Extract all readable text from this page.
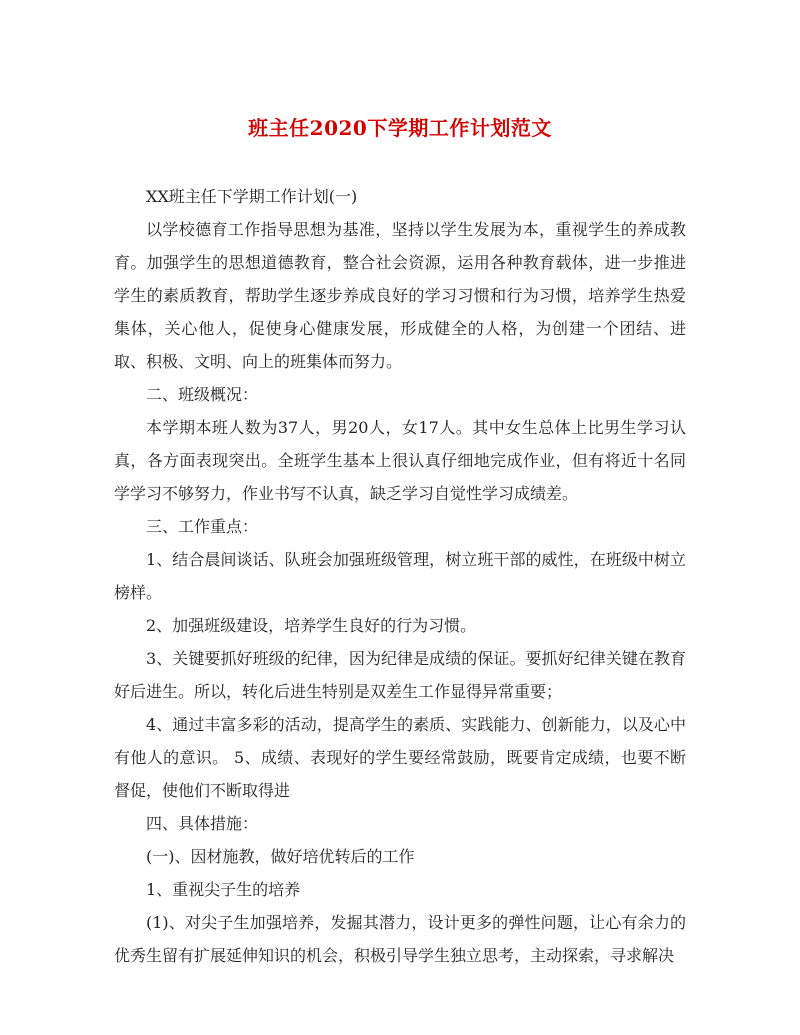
班主任2020下学期工作计划范文

XX班主任下学期工作计划(一)

以学校德育工作指导思想为基准，坚持以学生发展为本，重视学生的养成教育。加强学生的思想道德教育，整合社会资源，运用各种教育载体，进一步推进学生的素质教育，帮助学生逐步养成良好的学习习惯和行为习惯，培养学生热爱集体，关心他人，促使身心健康发展，形成健全的人格，为创建一个团结、进取、积极、文明、向上的班集体而努力。

二、班级概况：

本学期本班人数为37人，男20人，女17人。其中女生总体上比男生学习认真，各方面表现突出。全班学生基本上很认真仔细地完成作业，但有将近十名同学学习不够努力，作业书写不认真，缺乏学习自觉性学习成绩差。

三、工作重点：

1、结合晨间谈话、队班会加强班级管理，树立班干部的威性，在班级中树立榜样。

2、加强班级建设，培养学生良好的行为习惯。

3、关键要抓好班级的纪律，因为纪律是成绩的保证。要抓好纪律关键在教育好后进生。所以，转化后进生特别是双差生工作显得异常重要；

4、通过丰富多彩的活动，提高学生的素质、实践能力、创新能力，以及心中有他人的意识。 5、成绩、表现好的学生要经常鼓励，既要肯定成绩，也要不断督促，使他们不断取得进

四、具体措施：

(一)、因材施教，做好培优转后的工作

1、重视尖子生的培养

(1)、对尖子生加强培养，发掘其潜力，设计更多的弹性问题，让心有余力的优秀生留有扩展延伸知识的机会，积极引导学生独立思考，主动探索，寻求解决
